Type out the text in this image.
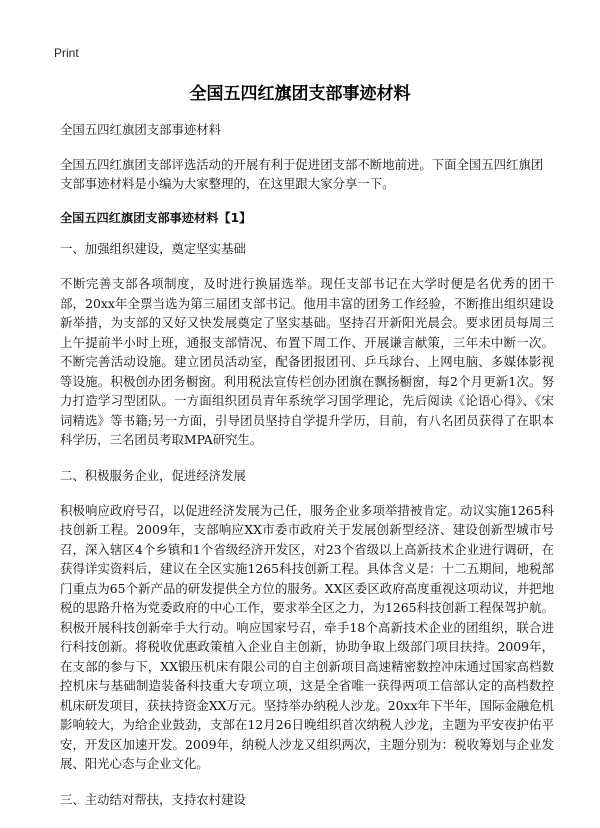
Print
全国五四红旗团支部事迹材料
全国五四红旗团支部事迹材料
全国五四红旗团支部评选活动的开展有利于促进团支部不断地前进。下面全国五四红旗团支部事迹材料是小编为大家整理的，在这里跟大家分享一下。
全国五四红旗团支部事迹材料【1】
一、加强组织建设，奠定坚实基础
不断完善支部各项制度，及时进行换届选举。现任支部书记在大学时便是名优秀的团干部，20xx年全票当选为第三届团支部书记。他用丰富的团务工作经验，不断推出组织建设新举措，为支部的又好又快发展奠定了坚实基础。坚持召开新阳光晨会。要求团员每周三上午提前半小时上班，通报支部情况、布置下周工作、开展谦言献策，三年未中断一次。不断完善活动设施。建立团员活动室，配备团报团刊、乒乓球台、上网电脑、多媒体影视等设施。积极创办团务橱窗。利用税法宣传栏创办团旗在飘扬橱窗，每2个月更新1次。努力打造学习型团队。一方面组织团员青年系统学习国学理论，先后阅读《论语心得》、《宋词精选》等书籍;另一方面，引导团员坚持自学提升学历，目前，有八名团员获得了在职本科学历，三名团员考取MPA研究生。
二、积极服务企业，促进经济发展
积极响应政府号召，以促进经济发展为己任，服务企业多项举措被肯定。动议实施1265科技创新工程。2009年，支部响应XX市委市政府关于发展创新型经济、建设创新型城市号召，深入辖区4个乡镇和1个省级经济开发区，对23个省级以上高新技术企业进行调研，在获得详实资料后，建议在全区实施1265科技创新工程。具体含义是：十二五期间，地税部门重点为65个新产品的研发提供全方位的服务。XX区委区政府高度重视这项动议，并把地税的思路升格为党委政府的中心工作，要求举全区之力，为1265科技创新工程保驾护航。积极开展科技创新牵手大行动。响应国家号召，牵手18个高新技术企业的团组织，联合进行科技创新。将税收优惠政策植入企业自主创新，协助争取上级部门项目扶持。2009年，在支部的参与下，XX锻压机床有限公司的自主创新项目高速精密数控冲床通过国家高档数控机床与基础制造装备科技重大专项立项，这是全省唯一获得两项工信部认定的高档数控机床研发项目，获扶持资金XX万元。坚持举办纳税人沙龙。20xx年下半年，国际金融危机影响较大，为给企业鼓劲，支部在12月26日晚组织首次纳税人沙龙，主题为平安夜护佑平安，开发区加速开发。2009年，纳税人沙龙又组织两次，主题分别为：税收筹划与企业发展、阳光心态与企业文化。
三、主动结对帮扶，支持农村建设
